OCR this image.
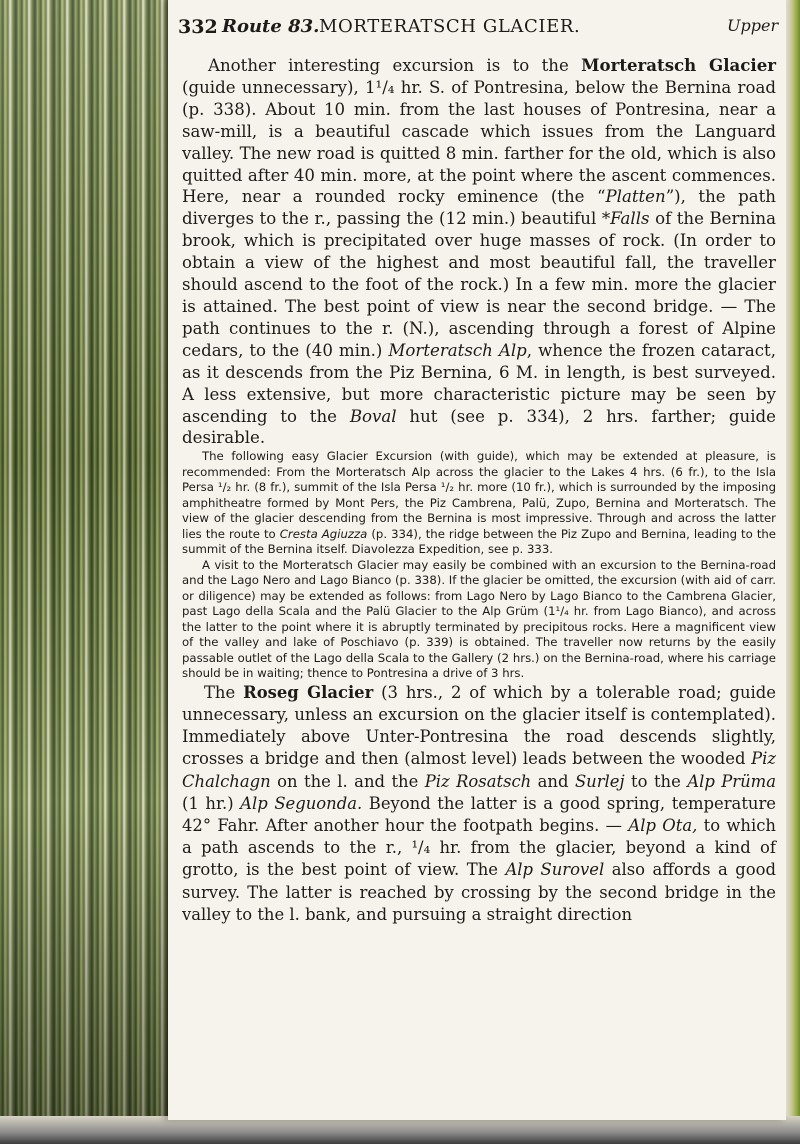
332 Route 83. MORTERATSCH GLACIER.	Upper

Another interesting excursion is to the Morteratsch Glacier (guide unnecessary), 1¹/₄ hr. S. of Pontresina, below the Bernina road (p. 338). About 10 min. from the last houses of Pontresina, near a saw-mill, is a beautiful cascade which issues from the Languard valley. The new road is quitted 8 min. farther for the old, which is also quitted after 40 min. more, at the point where the ascent commences. Here, near a rounded rocky eminence (the “Platten”), the path diverges to the r., passing the (12 min.) beautiful *Falls of the Bernina brook, which is precipitated over huge masses of rock. (In order to obtain a view of the highest and most beautiful fall, the traveller should ascend to the foot of the rock.) In a few min. more the glacier is attained. The best point of view is near the second bridge. — The path continues to the r. (N.), ascending through a forest of Alpine cedars, to the (40 min.) Morteratsch Alp, whence the frozen cataract, as it descends from the Piz Bernina, 6 M. in length, is best surveyed. A less extensive, but more characteristic picture may be seen by ascending to the Boval hut (see p. 334), 2 hrs. farther; guide desirable.

The following easy Glacier Excursion (with guide), which may be extended at pleasure, is recommended: From the Morteratsch Alp across the glacier to the Lakes 4 hrs. (6 fr.), to the Isla Persa ¹/₂ hr. (8 fr.), summit of the Isla Persa ¹/₂ hr. more (10 fr.), which is surrounded by the imposing amphitheatre formed by Mont Pers, the Piz Cambrena, Palü, Zupo, Bernina and Morteratsch. The view of the glacier descending from the Bernina is most impressive. Through and across the latter lies the route to Cresta Agiuzza (p. 334), the ridge between the Piz Zupo and Bernina, leading to the summit of the Bernina itself. Diavolezza Expedition, see p. 333.

A visit to the Morteratsch Glacier may easily be combined with an excursion to the Bernina-road and the Lago Nero and Lago Bianco (p. 338). If the glacier be omitted, the excursion (with aid of carr. or diligence) may be extended as follows: from Lago Nero by Lago Bianco to the Cambrena Glacier, past Lago della Scala and the Palü Glacier to the Alp Grüm (1¹/₄ hr. from Lago Bianco), and across the latter to the point where it is abruptly terminated by precipitous rocks. Here a magnificent view of the valley and lake of Poschiavo (p. 339) is obtained. The traveller now returns by the easily passable outlet of the Lago della Scala to the Gallery (2 hrs.) on the Bernina-road, where his carriage should be in waiting; thence to Pontresina a drive of 3 hrs.

The Roseg Glacier (3 hrs., 2 of which by a tolerable road; guide unnecessary, unless an excursion on the glacier itself is contemplated). Immediately above Unter-Pontresina the road descends slightly, crosses a bridge and then (almost level) leads between the wooded Piz Chalchagn on the l. and the Piz Rosatsch and Surlej to the Alp Prüma (1 hr.) Alp Seguonda. Beyond the latter is a good spring, temperature 42° Fahr. After another hour the footpath begins. — Alp Ota, to which a path ascends to the r., ¹/₄ hr. from the glacier, beyond a kind of grotto, is the best point of view. The Alp Surovel also affords a good survey. The latter is reached by crossing by the second bridge in the valley to the l. bank, and pursuing a straight direction
